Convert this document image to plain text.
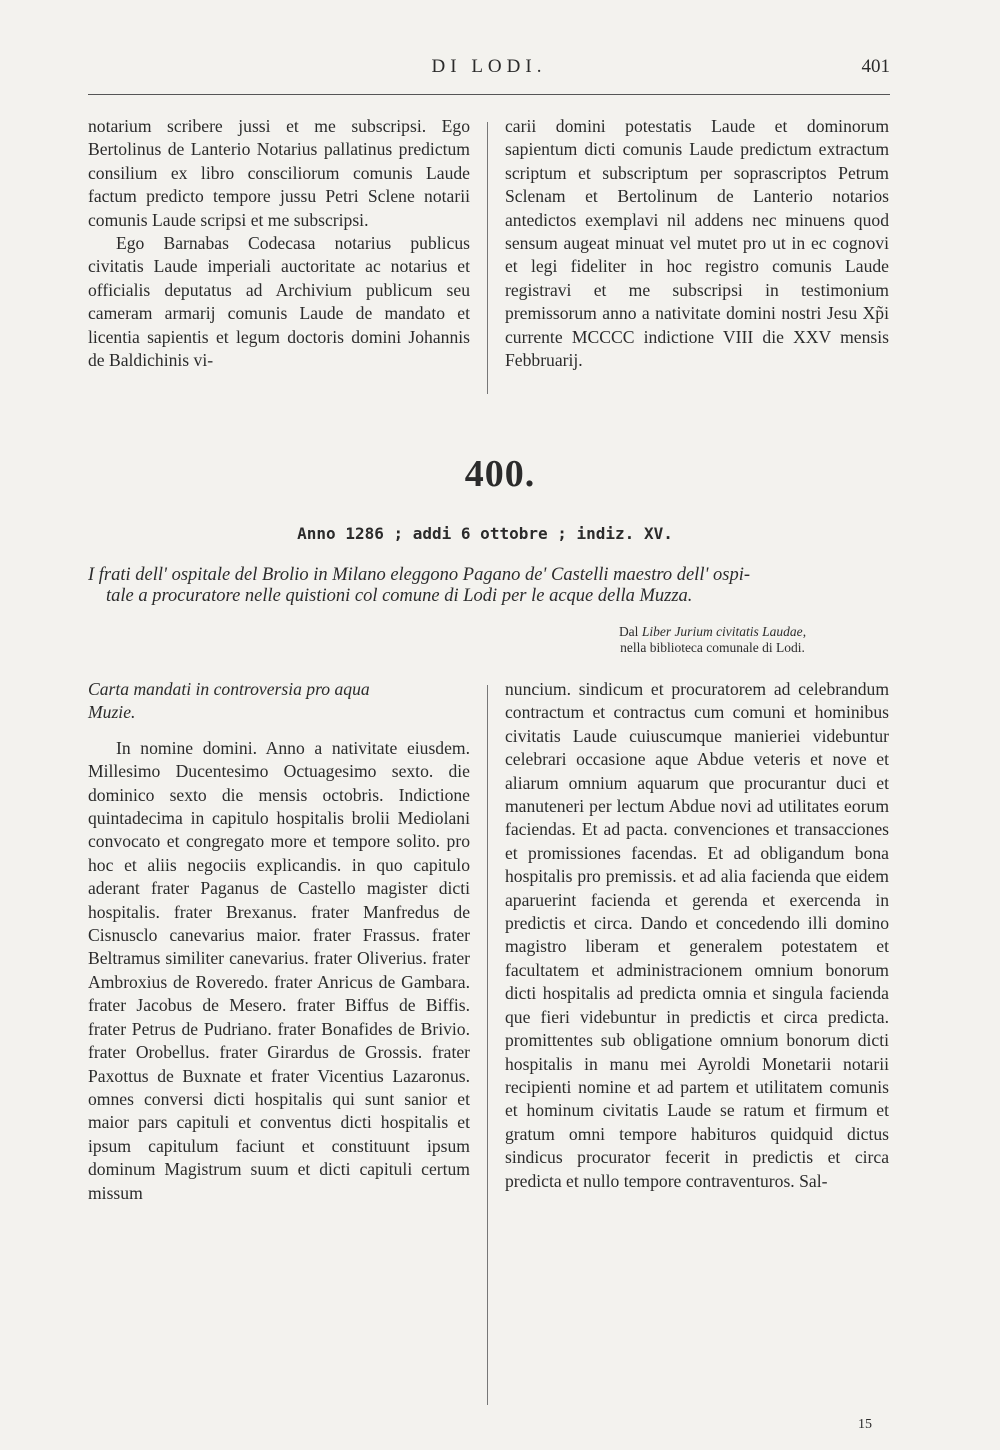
DI LODI.	401

notarium scribere jussi et me subscripsi. Ego Bertolinus de Lanterio Notarius pallatinus predictum consilium ex libro consciliorum comunis Laude factum predicto tempore jussu Petri Sclene notarii comunis Laude scripsi et me subscripsi.

Ego Barnabas Codecasa notarius publicus civitatis Laude imperiali auctoritate ac notarius et officialis deputatus ad Archivium publicum seu cameram armarij comunis Laude de mandato et licentia sapientis et legum doctoris domini Johannis de Baldichinis vi-

carii domini potestatis Laude et dominorum sapientum dicti comunis Laude predictum extractum scriptum et subscriptum per soprascriptos Petrum Sclenam et Bertolinum de Lanterio notarios antedictos exemplavi nil addens nec minuens quod sensum augeat minuat vel mutet pro ut in ec cognovi et legi fideliter in hoc registro comunis Laude registravi et me subscripsi in testimonium premissorum anno a nativitate domini nostri Jesu Xp̃i currente MCCCC indictione VIII die XXV mensis Febbruarij.

400.
Anno 1286 ; addi 6 ottobre ; indiz. XV.
I frati dell' ospitale del Brolio in Milano eleggono Pagano de' Castelli maestro dell' ospi-
tale a procuratore nelle quistioni col comune di Lodi per le acque della Muzza.
Dal Liber Jurium civitatis Laudae,
nella biblioteca comunale di Lodi.

Carta mandati in controversia pro aqua
Muzie.

In nomine domini. Anno a nativitate eiusdem. Millesimo Ducentesimo Octuagesimo sexto. die dominico sexto die mensis octobris. Indictione quintadecima in capitulo hospitalis brolii Mediolani convocato et congregato more et tempore solito. pro hoc et aliis negociis explicandis. in quo capitulo aderant frater Paganus de Castello magister dicti hospitalis. frater Brexanus. frater Manfredus de Cisnusclo canevarius maior. frater Frassus. frater Beltramus similiter canevarius. frater Oliverius. frater Ambroxius de Roveredo. frater Anricus de Gambara. frater Jacobus de Mesero. frater Biffus de Biffis. frater Petrus de Pudriano. frater Bonafides de Brivio. frater Orobellus. frater Girardus de Grossis. frater Paxottus de Buxnate et frater Vicentius Lazaronus. omnes conversi dicti hospitalis qui sunt sanior et maior pars capituli et conventus dicti hospitalis et ipsum capitulum faciunt et constituunt ipsum dominum Magistrum suum et dicti capituli certum missum

nuncium. sindicum et procuratorem ad celebrandum contractum et contractus cum comuni et hominibus civitatis Laude cuiuscumque manieriei videbuntur celebrari occasione aque Abdue veteris et nove et aliarum omnium aquarum que procurantur duci et manuteneri per lectum Abdue novi ad utilitates eorum faciendas. Et ad pacta. convenciones et transacciones et promissiones facendas. Et ad obligandum bona hospitalis pro premissis. et ad alia facienda que eidem aparuerint facienda et gerenda et exercenda in predictis et circa. Dando et concedendo illi domino magistro liberam et generalem potestatem et facultatem et administracionem omnium bonorum dicti hospitalis ad predicta omnia et singula facienda que fieri videbuntur in predictis et circa predicta. promittentes sub obligatione omnium bonorum dicti hospitalis in manu mei Ayroldi Monetarii notarii recipienti nomine et ad partem et utilitatem comunis et hominum civitatis Laude se ratum et firmum et gratum omni tempore habituros quidquid dictus sindicus procurator fecerit in predictis et circa predicta et nullo tempore contraventuros. Sal-

15
